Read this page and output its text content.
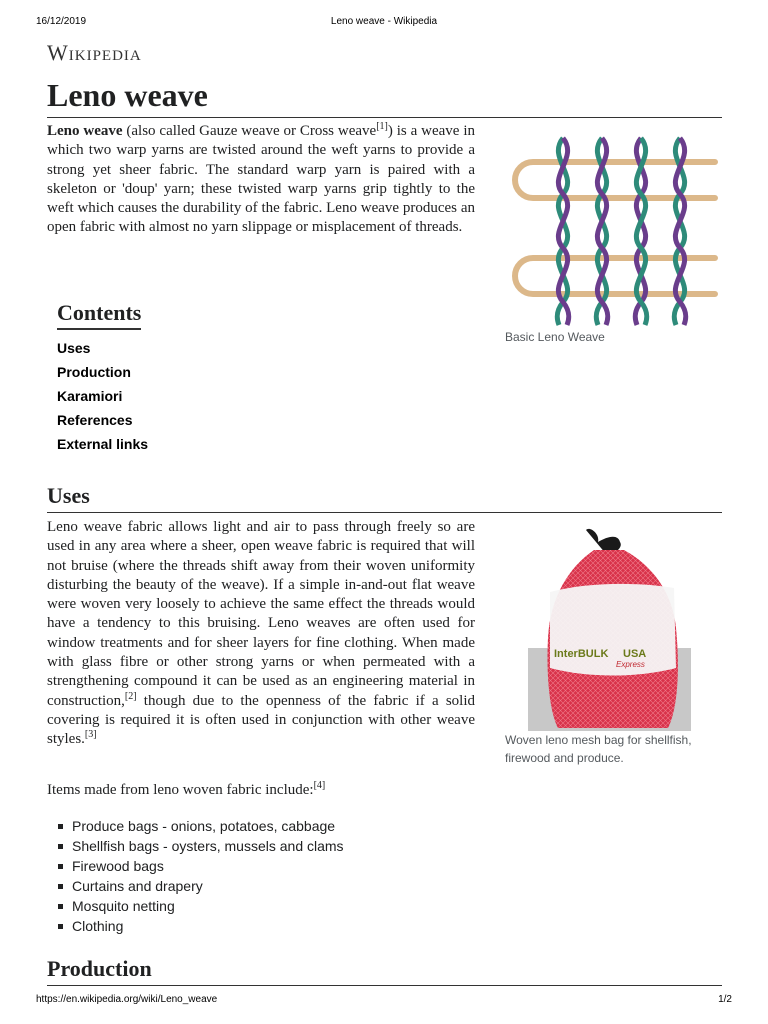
16/12/2019	Leno weave - Wikipedia
Wikipedia
Leno weave

Leno weave (also called Gauze weave or Cross weave[1]) is a weave in which two warp yarns are twisted around the weft yarns to provide a strong yet sheer fabric. The standard warp yarn is paired with a skeleton or 'doup' yarn; these twisted warp yarns grip tightly to the weft which causes the durability of the fabric. Leno weave produces an open fabric with almost no yarn slippage or misplacement of threads.

Basic Leno Weave
Contents
Uses
Production
Karamiori
References
External links
Uses

Leno weave fabric allows light and air to pass through freely so are used in any area where a sheer, open weave fabric is required that will not bruise (where the threads shift away from their woven uniformity disturbing the beauty of the weave). If a simple in-and-out flat weave were woven very loosely to achieve the same effect the threads would have a tendency to this bruising. Leno weaves are often used for window treatments and for sheer layers for fine clothing. When made with glass fibre or other strong yarns or when permeated with a strengthening compound it can be used as an engineering material in construction,[2] though due to the openness of the fabric if a solid covering is required it is often used in conjunction with other weave styles.[3]

Items made from leno woven fabric include:[4]

Produce bags - onions, potatoes, cabbage
Shellfish bags - oysters, mussels and clams
Firewood bags
Curtains and drapery
Mosquito netting
Clothing
InterBULK USA
Express
Woven leno mesh bag for shellfish, firewood and produce.
Production
https://en.wikipedia.org/wiki/Leno_weave	1/2
